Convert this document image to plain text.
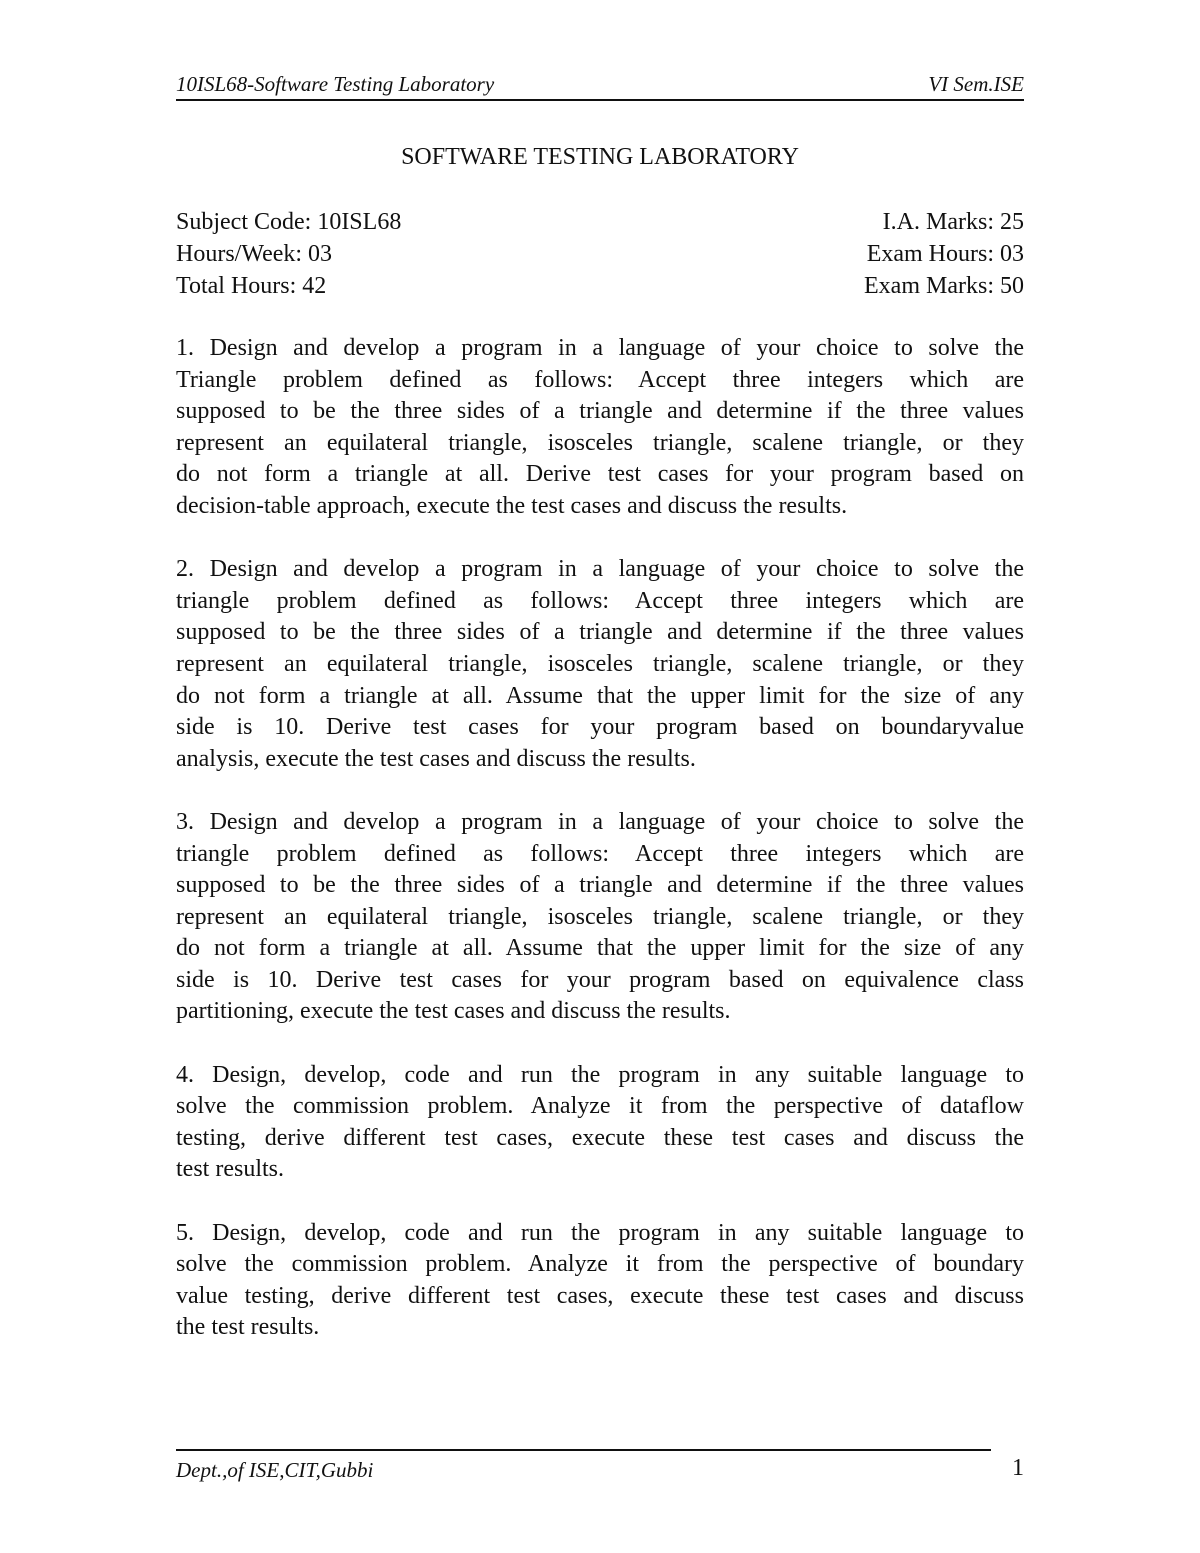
10ISL68-Software Testing Laboratory	VI Sem.ISE
SOFTWARE TESTING LABORATORY
Subject Code: 10ISL68	I.A. Marks: 25
Hours/Week: 03	Exam Hours: 03
Total Hours: 42	Exam Marks: 50
1. Design and develop a program in a language of your choice to solve the
Triangle problem defined as follows: Accept three integers which are
supposed to be the three sides of a triangle and determine if the three values
represent an equilateral triangle, isosceles triangle, scalene triangle, or they
do not form a triangle at all. Derive test cases for your program based on
decision-table approach, execute the test cases and discuss the results.
2. Design and develop a program in a language of your choice to solve the
triangle problem defined as follows: Accept three integers which are
supposed to be the three sides of a triangle and determine if the three values
represent an equilateral triangle, isosceles triangle, scalene triangle, or they
do not form a triangle at all. Assume that the upper limit for the size of any
side is 10. Derive test cases for your program based on boundaryvalue
analysis, execute the test cases and discuss the results.
3. Design and develop a program in a language of your choice to solve the
triangle problem defined as follows: Accept three integers which are
supposed to be the three sides of a triangle and determine if the three values
represent an equilateral triangle, isosceles triangle, scalene triangle, or they
do not form a triangle at all. Assume that the upper limit for the size of any
side is 10. Derive test cases for your program based on equivalence class
partitioning, execute the test cases and discuss the results.
4. Design, develop, code and run the program in any suitable language to
solve the commission problem. Analyze it from the perspective of dataflow
testing, derive different test cases, execute these test cases and discuss the
test results.
5. Design, develop, code and run the program in any suitable language to
solve the commission problem. Analyze it from the perspective of boundary
value testing, derive different test cases, execute these test cases and discuss
the test results.
Dept.,of ISE,CIT,Gubbi	1
